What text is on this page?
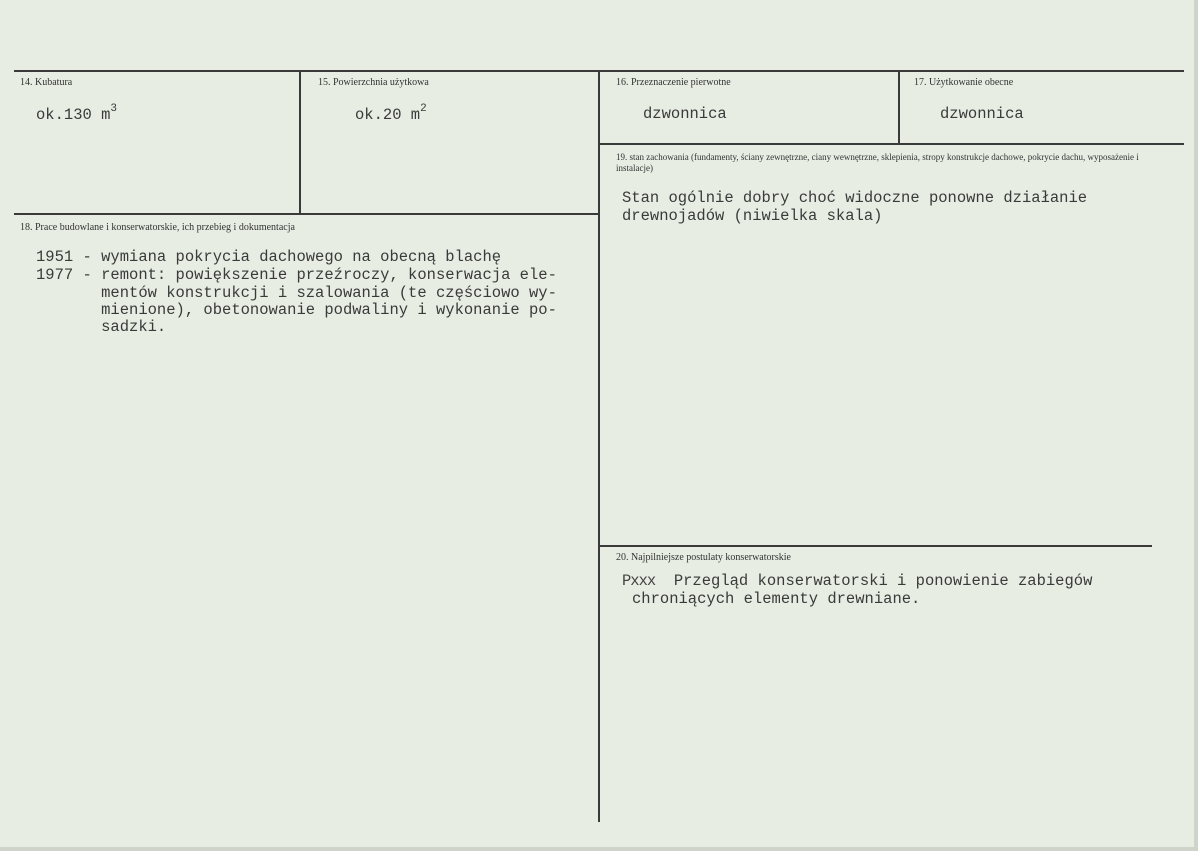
14. Kubatura
ok.130 $m^3$
15. Powierzchnia użytkowa
ok.20 $m^2$
16. Przeznaczenie pierwotne
dzwonnica
17. Użytkowanie obecne
dzwonnica
18. Prace budowlane i konserwatorskie, ich przebieg i dokumentacja
1951 - wymiana pokrycia dachowego na obecną blachę
1977 - remont: powiększenie przeźroczy, konserwacja ele-
mentów konstrukcji i szalowania (te częściowo wy-
mienione), obetonowanie podwaliny i wykonanie po-
sadzki.
19. stan zachowania (fundamenty, ściany zewnętrzne, ciany wewnętrzne, sklepienia, stropy konstrukcje dachowe, pokrycie dachu, wyposażenie i instalacje)
Stan ogólnie dobry choć widoczne ponowne działanie
drewnojadów (niwielka skala)
20. Najpilniejsze postulaty konserwatorskie
Pxxx  Przegląd konserwatorski i ponowienie zabiegów
chroniących elementy drewniane.
